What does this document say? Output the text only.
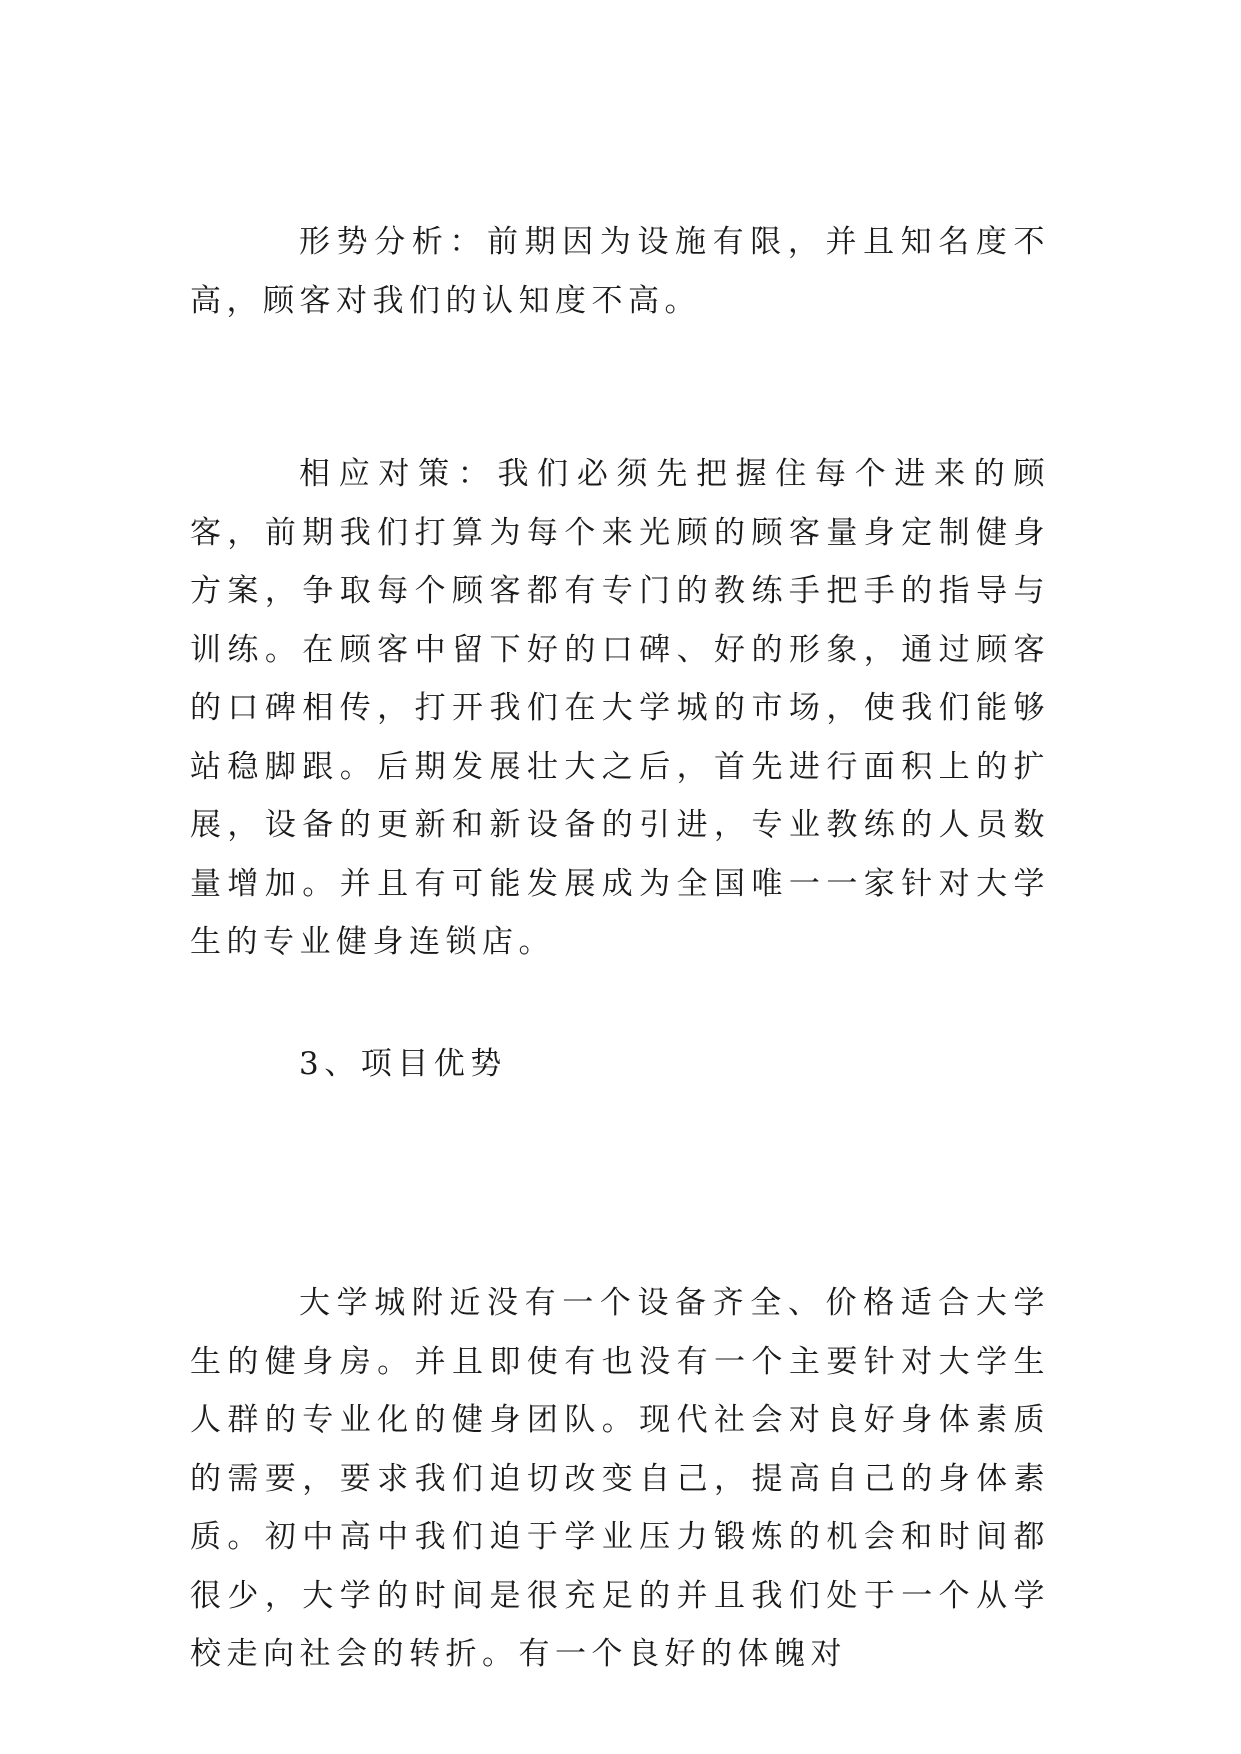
形势分析：前期因为设施有限，并且知名度不高，顾客对我们的认知度不高。

相应对策：我们必须先把握住每个进来的顾客，前期我们打算为每个来光顾的顾客量身定制健身方案，争取每个顾客都有专门的教练手把手的指导与训练。在顾客中留下好的口碑、好的形象，通过顾客的口碑相传，打开我们在大学城的市场，使我们能够站稳脚跟。后期发展壮大之后，首先进行面积上的扩展，设备的更新和新设备的引进，专业教练的人员数量增加。并且有可能发展成为全国唯一一家针对大学生的专业健身连锁店。

3、项目优势

大学城附近没有一个设备齐全、价格适合大学生的健身房。并且即使有也没有一个主要针对大学生人群的专业化的健身团队。现代社会对良好身体素质的需要，要求我们迫切改变自己，提高自己的身体素质。初中高中我们迫于学业压力锻炼的机会和时间都很少，大学的时间是很充足的并且我们处于一个从学校走向社会的转折。有一个良好的体魄对
